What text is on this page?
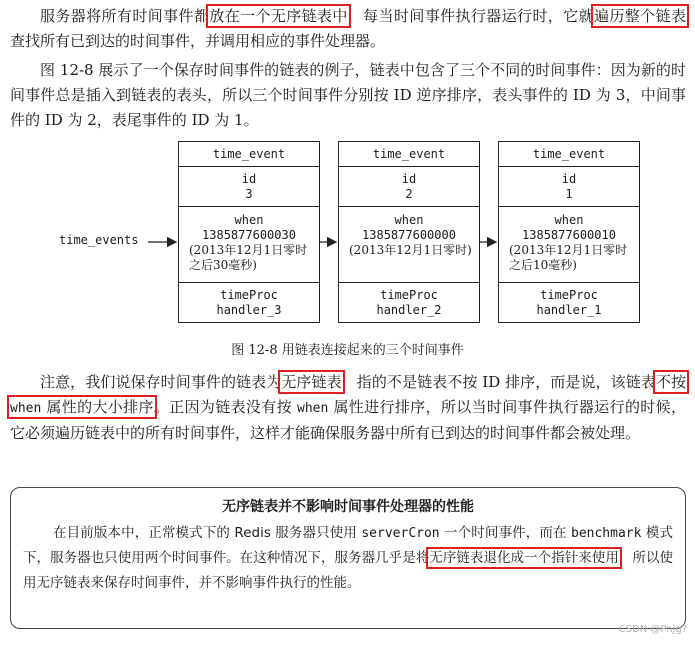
服务器将所有时间事件都放在一个无序链表中，每当时间事件执行器运行时，它就遍历整个链表 查找所有已到达的时间事件，并调用相应的事件处理器。

图 12-8 展示了一个保存时间事件的链表的例子，链表中包含了三个不同的时间事件：因为新的时间事件总是插入到链表的表头，所以三个时间事件分别按 ID 逆序排序，表头事件的 ID 为 3，中间事件的 ID 为 2，表尾事件的 ID 为 1。

time_events
time_event
id
3
when
1385877600030
(2013年12月1日零时之后30毫秒)
timeProc
handler_3
time_event
id
2
when
1385877600000
(2013年12月1日零时)
timeProc
handler_2
time_event
id
1
when
1385877600010
(2013年12月1日零时之后10毫秒)
timeProc
handler_1
图 12-8 用链表连接起来的三个时间事件

注意，我们说保存时间事件的链表为无序链表，指的不是链表不按 ID 排序，而是说，该链表不按 when 属性的大小排序。正因为链表没有按 when 属性进行排序，所以当时间事件执行器运行的时候，它必须遍历链表中的所有时间事件，这样才能确保服务器中所有已到达的时间事件都会被处理。

无序链表并不影响时间事件处理器的性能

在目前版本中，正常模式下的 Redis 服务器只使用 serverCron 一个时间事件，而在 benchmark 模式下，服务器也只使用两个时间事件。在这种情况下，服务器几乎是将无序链表退化成一个指针来使用，所以使用无序链表来保存时间事件，并不影响事件执行的性能。

CSDN @Pnjg?
